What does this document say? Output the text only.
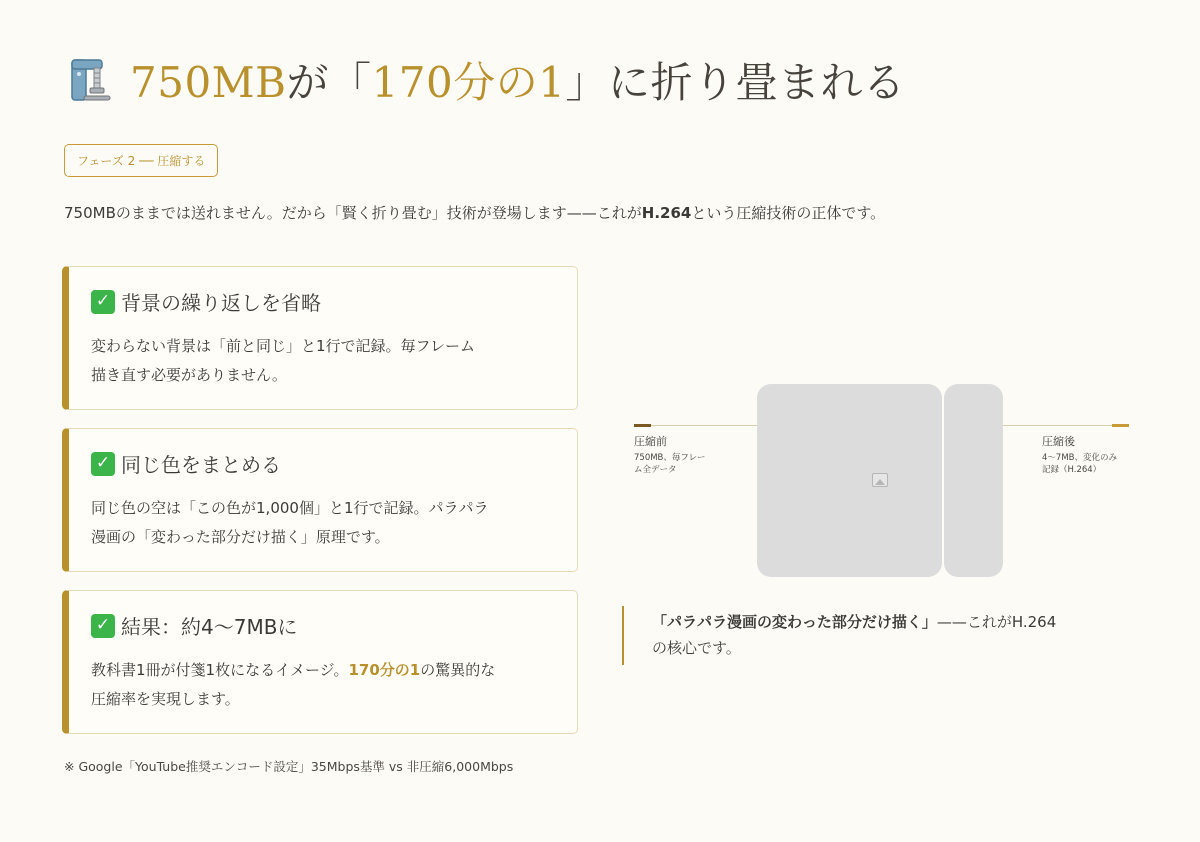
750MBが「170分の1」に折り畳まれる
フェーズ 2 ── 圧縮する
750MBのままでは送れません。だから「賢く折り畳む」技術が登場します——これがH.264という圧縮技術の正体です。
✓ 背景の繰り返しを省略
変わらない背景は「前と同じ」と1行で記録。毎フレーム
描き直す必要がありません。
✓ 同じ色をまとめる
同じ色の空は「この色が1,000個」と1行で記録。パラパラ
漫画の「変わった部分だけ描く」原理です。
✓ 結果：約4〜7MBに
教科書1冊が付箋1枚になるイメージ。170分の1の驚異的な
圧縮率を実現します。
※ Google「YouTube推奨エンコード設定」35Mbps基準 vs 非圧縮6,000Mbps
圧縮前
750MB、毎フレー
ム全データ
圧縮後
4〜7MB、変化のみ
記録（H.264）
「パラパラ漫画の変わった部分だけ描く」——これがH.264
の核心です。
